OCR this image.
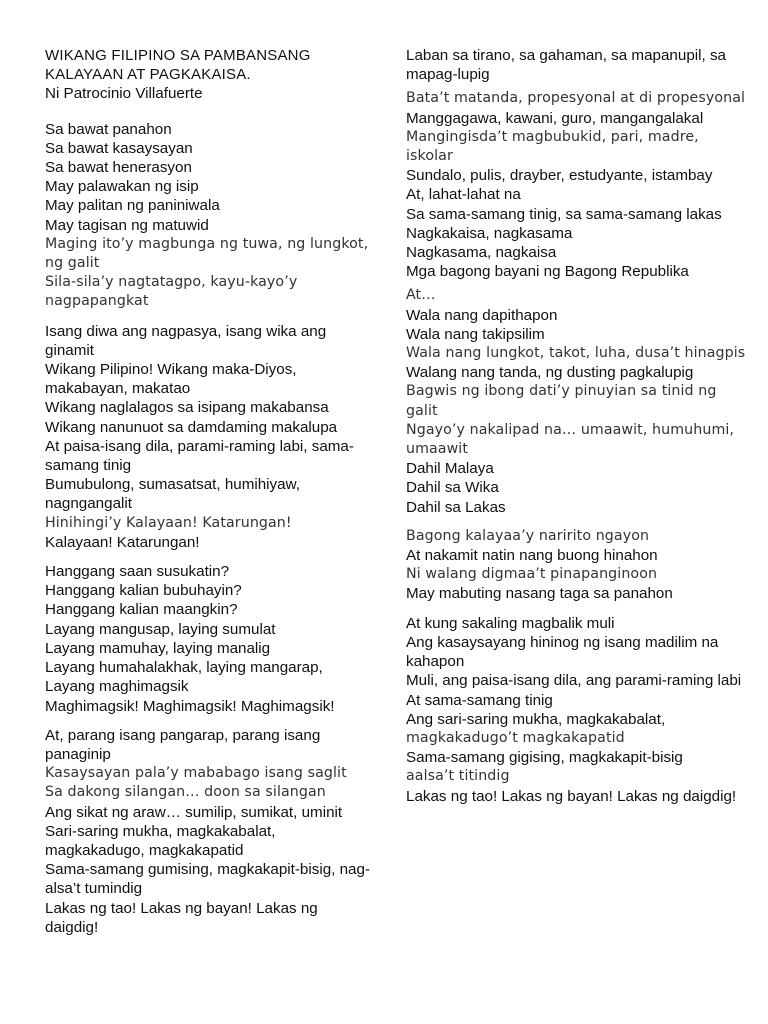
WIKANG FILIPINO SA PAMBANSANG
KALAYAAN AT PAGKAKAISA.
Ni Patrocinio Villafuerte
Sa bawat panahon
Sa bawat kasaysayan
Sa bawat henerasyon
May palawakan ng isip
May palitan ng paniniwala
May tagisan ng matuwid
Maging ito’y magbunga ng tuwa, ng lungkot, ng galit
Sila-sila’y nagtatagpo, kayu-kayo’y nagpapangkat
Isang diwa ang nagpasya, isang wika ang ginamit
Wikang Pilipino! Wikang maka-Diyos, makabayan, makatao
Wikang naglalagos sa isipang makabansa
Wikang nanunuot sa damdaming makalupa
At paisa-isang dila, parami-raming labi, sama-samang tinig
Bumubulong, sumasatsat, humihiyaw, nagngangalit
Hinihingi’y Kalayaan! Katarungan!
Kalayaan! Katarungan!
Hanggang saan susukatin?
Hanggang kalian bubuhayin?
Hanggang kalian maangkin?
Layang mangusap, laying sumulat
Layang mamuhay, laying manalig
Layang humahalakhak, laying mangarap, Layang maghimagsik
Maghimagsik! Maghimagsik! Maghimagsik!
At, parang isang pangarap, parang isang panaginip
Kasaysayan pala’y mababago isang saglit
Sa dakong silangan… doon sa silangan
Ang sikat ng araw… sumilip, sumikat, uminit
Sari-saring mukha, magkakabalat, magkakadugo, magkakapatid
Sama-samang gumising, magkakapit-bisig, nag-alsa’t tumindig
Lakas ng tao! Lakas ng bayan! Lakas ng daigdig!
Laban sa tirano, sa gahaman, sa mapanupil, sa mapag-lupig
Bata’t matanda, propesyonal at di propesyonal
Manggagawa, kawani, guro, mangangalakal
Mangingisda’t magbubukid, pari, madre, iskolar
Sundalo, pulis, drayber, estudyante, istambay
At, lahat-lahat na
Sa sama-samang tinig, sa sama-samang lakas
Nagkakaisa, nagkasama
Nagkasama, nagkaisa
Mga bagong bayani ng Bagong Republika
At…
Wala nang dapithapon
Wala nang takipsilim
Wala nang lungkot, takot, luha, dusa’t hinagpis
Walang nang tanda, ng dusting pagkalupig
Bagwis ng ibong dati’y pinuyian sa tinid ng galit
Ngayo’y nakalipad na… umaawit, humuhumi, umaawit
Dahil Malaya
Dahil sa Wika
Dahil sa Lakas
Bagong kalayaa’y naririto ngayon
At nakamit natin nang buong hinahon
Ni walang digmaa’t pinapanginoon
May mabuting nasang taga sa panahon
At kung sakaling magbalik muli
Ang kasaysayang hininog ng isang madilim na kahapon
Muli, ang paisa-isang dila, ang parami-raming labi
At sama-samang tinig
Ang sari-saring mukha, magkakabalat,
magkakadugo’t magkakapatid
Sama-samang gigising, magkakapit-bisig
aalsa’t titindig
Lakas ng tao! Lakas ng bayan! Lakas ng daigdig!
